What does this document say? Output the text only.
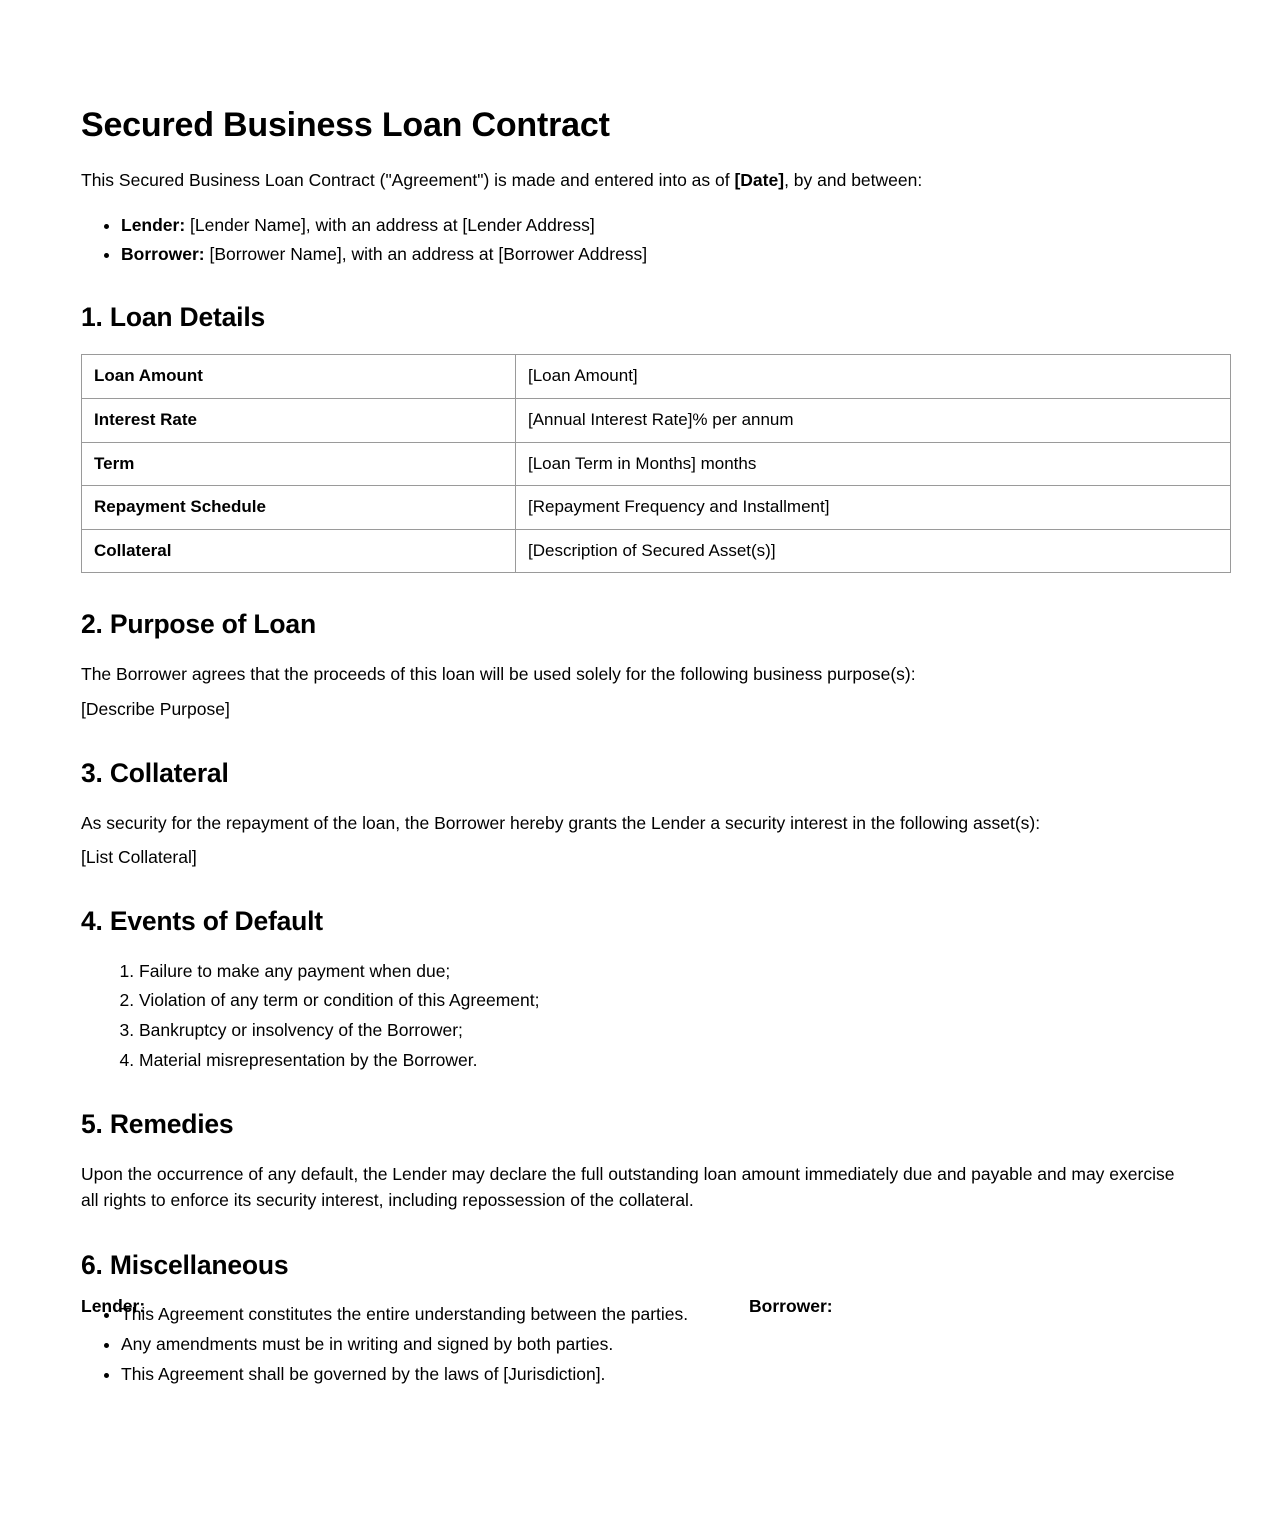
Secured Business Loan Contract

This Secured Business Loan Contract ("Agreement") is made and entered into as of [Date], by and between:

• Lender: [Lender Name], with an address at [Lender Address]
• Borrower: [Borrower Name], with an address at [Borrower Address]
1. Loan Details
Loan Amount	[Loan Amount]
Interest Rate	[Annual Interest Rate]% per annum
Term	[Loan Term in Months] months
Repayment Schedule	[Repayment Frequency and Installment]
Collateral	[Description of Secured Asset(s)]
2. Purpose of Loan

The Borrower agrees that the proceeds of this loan will be used solely for the following business purpose(s):

[Describe Purpose]

3. Collateral

As security for the repayment of the loan, the Borrower hereby grants the Lender a security interest in the following asset(s):

[List Collateral]

4. Events of Default
1. Failure to make any payment when due;
2. Violation of any term or condition of this Agreement;
3. Bankruptcy or insolvency of the Borrower;
4. Material misrepresentation by the Borrower.
5. Remedies

Upon the occurrence of any default, the Lender may declare the full outstanding loan amount immediately due and payable and may exercise all rights to enforce its security interest, including repossession of the collateral.

6. Miscellaneous
• This Agreement constitutes the entire understanding between the parties.
• Any amendments must be in writing and signed by both parties.
• This Agreement shall be governed by the laws of [Jurisdiction].
Lender:	Borrower:
